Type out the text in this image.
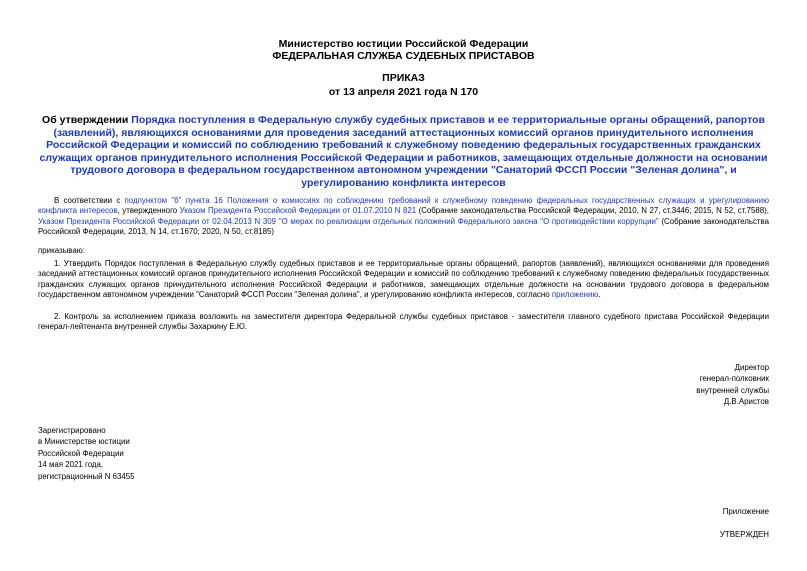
Министерство юстиции Российской Федерации
ФЕДЕРАЛЬНАЯ СЛУЖБА СУДЕБНЫХ ПРИСТАВОВ
ПРИКАЗ
от 13 апреля 2021 года N 170
Об утверждении Порядка поступления в Федеральную службу судебных приставов и ее территориальные органы обращений, рапортов (заявлений), являющихся основаниями для проведения заседаний аттестационных комиссий органов принудительного исполнения Российской Федерации и комиссий по соблюдению требований к служебному поведению федеральных государственных гражданских служащих органов принудительного исполнения Российской Федерации и работников, замещающих отдельные должности на основании трудового договора в федеральном государственном автономном учреждении "Санаторий ФССП России "Зеленая долина", и урегулированию конфликта интересов
В соответствии с подпунктом "б" пункта 16 Положения о комиссиях по соблюдению требований к служебному поведению федеральных государственных служащих и урегулированию конфликта интересов, утвержденного Указом Президента Российской Федерации от 01.07.2010 N 821 (Собрание законодательства Российской Федерации, 2010, N 27, ст.3446; 2015, N 52, ст.7588), Указом Президента Российской Федерации от 02.04.2013 N 309 "О мерах по реализации отдельных положений Федерального закона "О противодействии коррупции" (Собрание законодательства Российской Федерации, 2013, N 14, ст.1670; 2020, N 50, ст.8185)
приказываю:
1. Утвердить Порядок поступления в Федеральную службу судебных приставов и ее территориальные органы обращений, рапортов (заявлений), являющихся основаниями для проведения заседаний аттестационных комиссий органов принудительного исполнения Российской Федерации и комиссий по соблюдению требований к служебному поведению федеральных государственных гражданских служащих органов принудительного исполнения Российской Федерации и работников, замещающих отдельные должности на основании трудового договора в федеральном государственном автономном учреждении "Санаторий ФССП России "Зеленая долина", и урегулированию конфликта интересов, согласно приложению.
2. Контроль за исполнением приказа возложить на заместителя директора Федеральной службы судебных приставов - заместителя главного судебного пристава Российской Федерации генерал-лейтенанта внутренней службы Захаркину Е.Ю.
Директор
генерал-полковник
внутренней службы
Д.В.Аристов
Зарегистрировано
в Министерстве юстиции
Российской Федерации
14 мая 2021 года,
регистрационный N 63455
Приложение
УТВЕРЖДЕН
